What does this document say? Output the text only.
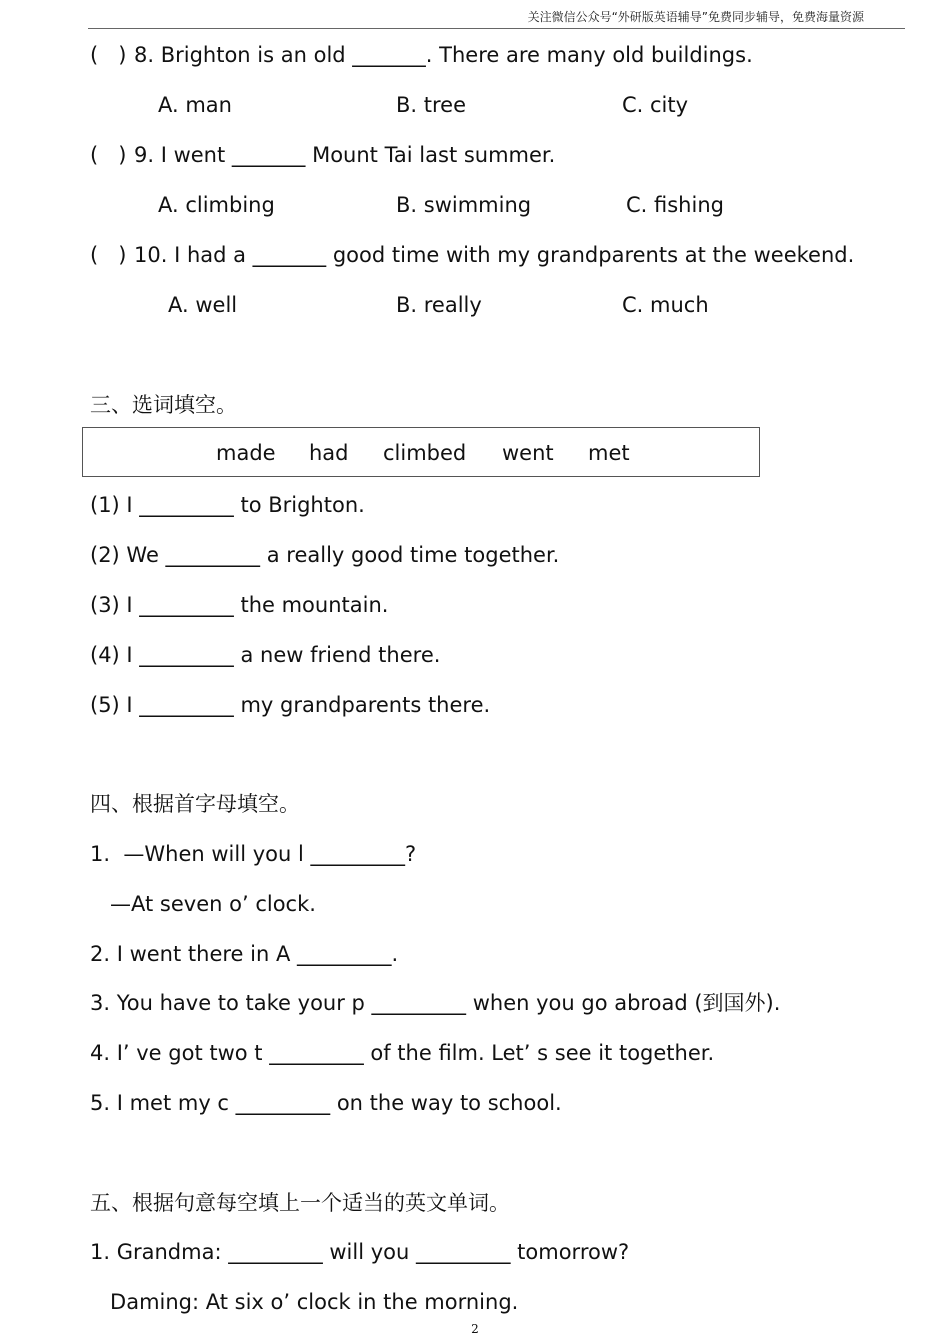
关注微信公众号“外研版英语辅导”免费同步辅导，免费海量资源
(   ) 8. Brighton is an old _______. There are many old buildings.
A. man	B. tree	C. city
(   ) 9. I went _______ Mount Tai last summer.
A. climbing	B. swimming	C. fishing
(   ) 10. I had a _______ good time with my grandparents at the weekend.
A. well	B. really	C. much
三、选词填空。
made had climbed went met
(1) I _________ to Brighton.
(2) We _________ a really good time together.
(3) I _________ the mountain.
(4) I _________ a new friend there.
(5) I _________ my grandparents there.
四、根据首字母填空。
1.  —When will you l _________?
—At seven o’ clock.
2. I went there in A _________.
3. You have to take your p _________ when you go abroad (到国外).
4. I’ ve got two t _________ of the film. Let’ s see it together.
5. I met my c _________ on the way to school.
五、根据句意每空填上一个适当的英文单词。
1. Grandma: _________ will you _________ tomorrow?
Daming: At six o’ clock in the morning.
2
